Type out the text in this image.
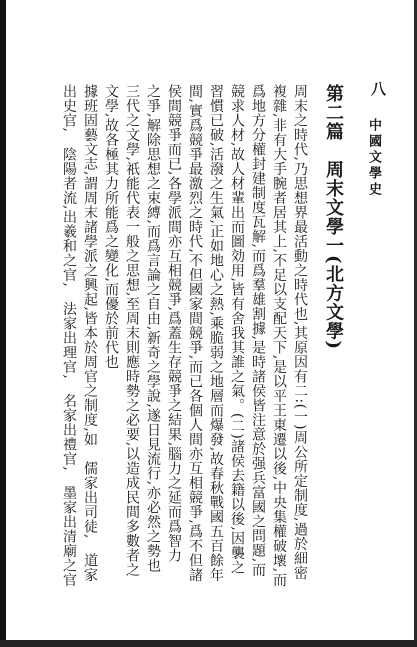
八
中國文學史
第二篇　周末文學一(北方文學)
周末之時代,乃思想界最活動之時代也,其原因有二:(一)周公所定制度,過於細密
複雜,非有大手腕者居其上,不足以支配天下,是以平王東遷以後,中央集權破壞,而
爲地方分權封建制度瓦解,而爲羣雄割據,是時諸侯皆注意於强兵富國之問題,而
競求人材,故人材輩出而圖効用,皆有舍我其誰之氣。(二)諸侯去籍以後,因襲之
習慣已破,活潑之生氣,正如地心之熱,乘脆弱之地層而爆發,故春秋戰國五百餘年
間,實爲競爭最激烈之時代,不但國家間競爭,而已各個人間亦互相競爭,爲不但諸
侯間競爭而已,各學派間亦互相競爭,爲蓋生存競爭之結果,腦力之延而爲智力
之爭,解除思想之束縛,而爲言論之自由,新奇之學說,遂日見流行,亦必然之勢也
三代之文學,祇能代表一般之思想,至周末則應時勢之必要,以造成民間多數者之
文學,故各極其力所能爲之變化,而優於前代也
據班固藝文志,謂周末諸學派之興起,皆本於周官之制度,如　儒家出司徒,　道家
出史官,　陰陽者流,出羲和之官,　法家出理官,　名家出禮官,　墨家出清廟之官
